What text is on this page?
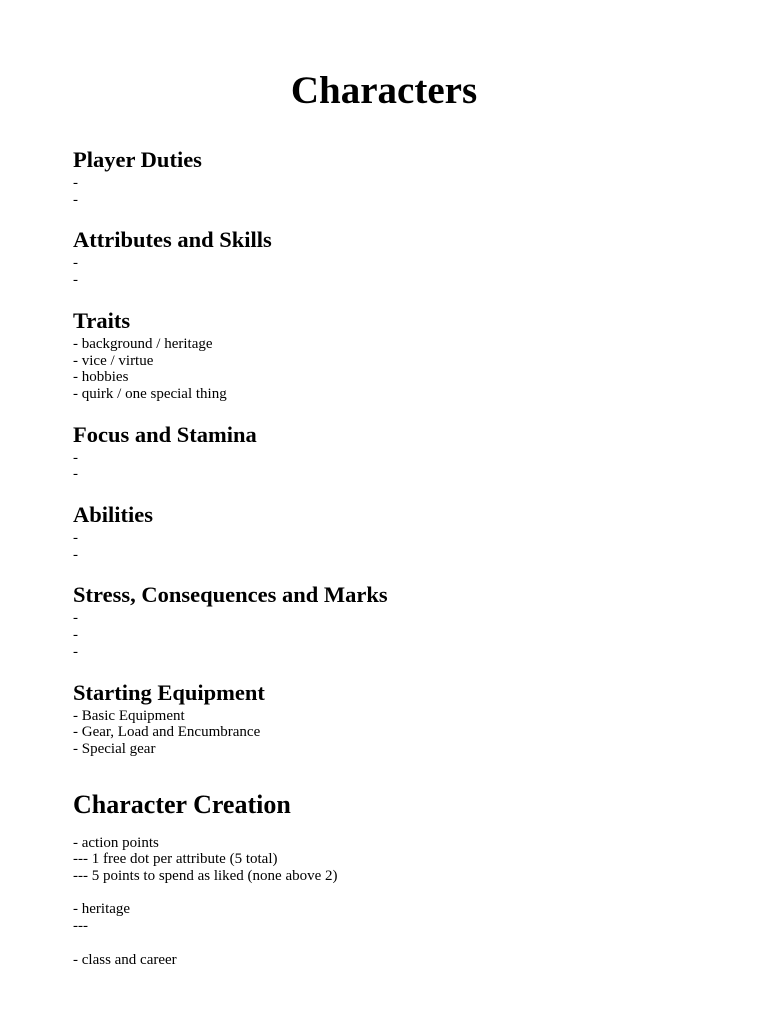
Characters
Player Duties
-
-
Attributes and Skills
-
-
Traits
- background / heritage
- vice / virtue
- hobbies
- quirk / one special thing
Focus and Stamina
-
-
Abilities
-
-
Stress, Consequences and Marks
-
-
-
Starting Equipment
- Basic Equipment
- Gear, Load and Encumbrance
- Special gear
Character Creation
- action points
--- 1 free dot per attribute (5 total)
--- 5 points to spend as liked (none above 2)
- heritage
---
- class and career
